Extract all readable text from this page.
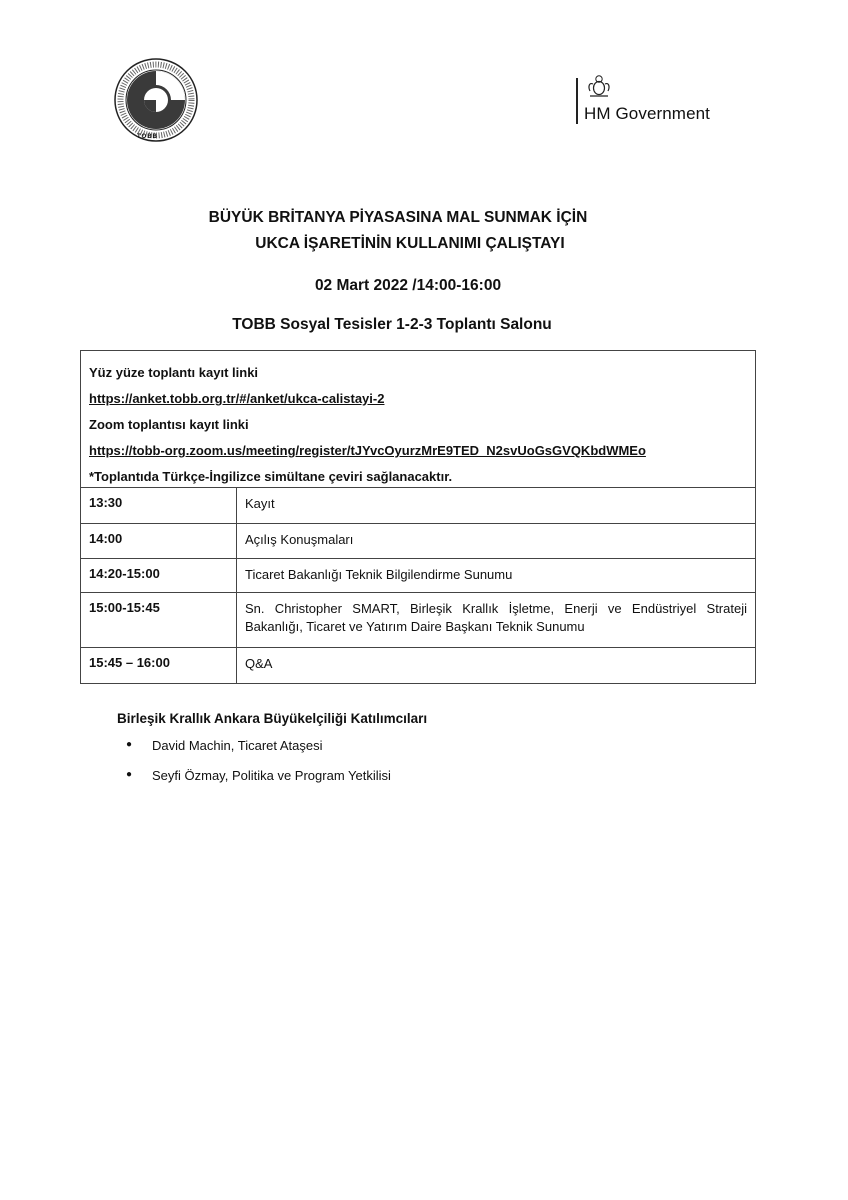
TOBB
HM Government
BÜYÜK BRİTANYA PİYASASINA MAL SUNMAK İÇİN
UKCA İŞARETİNİN KULLANIMI ÇALIŞTAYI
02 Mart 2022 /14:00-16:00
TOBB Sosyal Tesisler 1-2-3 Toplantı Salonu
Yüz yüze toplantı kayıt linki
https://anket.tobb.org.tr/#/anket/ukca-calistayi-2
Zoom toplantısı kayıt linki
https://tobb-org.zoom.us/meeting/register/tJYvcOyurzMrE9TED_N2svUoGsGVQKbdWMEo
*Toplantıda Türkçe-İngilizce simültane çeviri sağlanacaktır.
13:30	Kayıt
14:00	Açılış Konuşmaları
14:20-15:00	Ticaret Bakanlığı Teknik Bilgilendirme Sunumu
15:00-15:45	Sn. Christopher SMART, Birleşik Krallık İşletme, Enerji ve Endüstriyel Strateji Bakanlığı, Ticaret ve Yatırım Daire Başkanı Teknik Sunumu
15:45 – 16:00	Q&A
Birleşik Krallık Ankara Büyükelçiliği Katılımcıları
● David Machin, Ticaret Ataşesi
● Seyfi Özmay, Politika ve Program Yetkilisi
